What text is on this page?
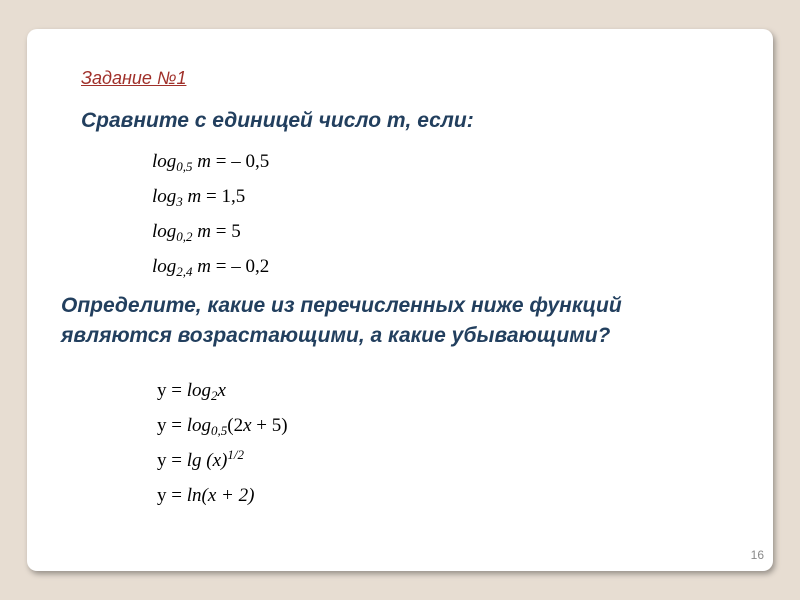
Задание №1
Сравните с единицей число m, если:
$\log_{0,5} m$ = – 0,5
$\log_3 m = 1,5$
$\log_{0,2} m = 5$
$\log_{2,4} m$ = – 0,2
Определите, какие из перечисленных ниже функций
являются возрастающими, а какие убывающими?
$y = \log_2x$
$y = \log_{0,5}(2x + 5)$
$y = \lg (x)^{1/2}$
y = ln(x + 2)
16
